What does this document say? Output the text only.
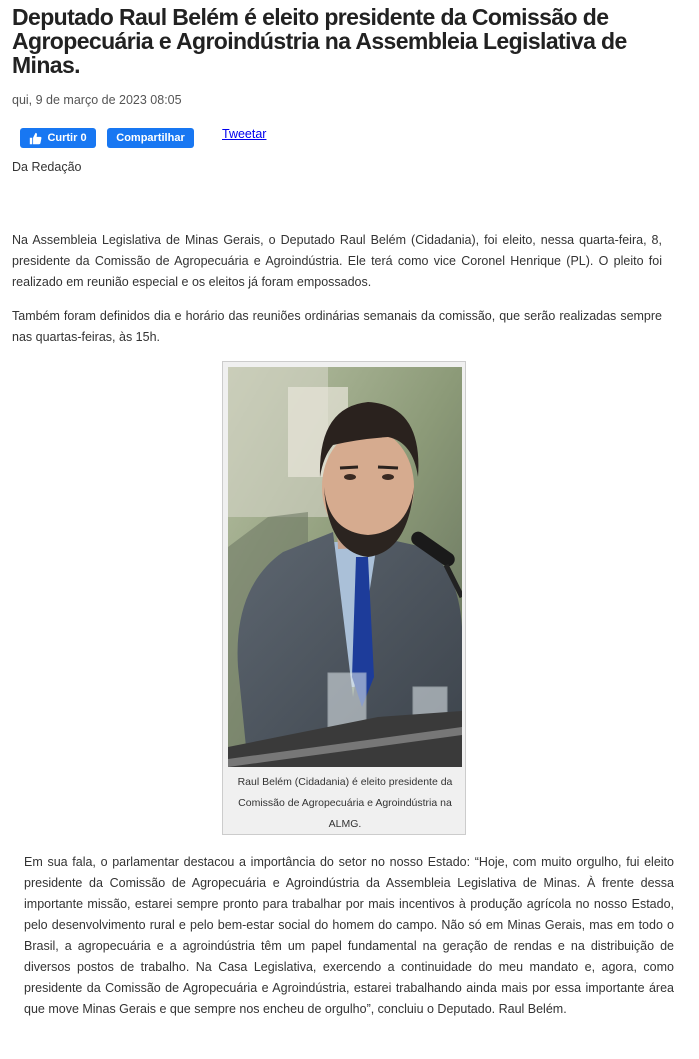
Deputado Raul Belém é eleito presidente da Comissão de Agropecuária e Agroindústria na Assembleia Legislativa de Minas.
qui, 9 de março de 2023 08:05
Curtir 0	Compartilhar	Tweetar
Da Redação

Na Assembleia Legislativa de Minas Gerais, o Deputado Raul Belém (Cidadania), foi eleito, nessa quarta-feira, 8, presidente da Comissão de Agropecuária e Agroindústria. Ele terá como vice Coronel Henrique (PL). O pleito foi realizado em reunião especial e os eleitos já foram empossados.

Também foram definidos dia e horário das reuniões ordinárias semanais da comissão, que serão realizadas sempre nas quartas-feiras, às 15h.

Raul Belém (Cidadania) é eleito presidente da Comissão de Agropecuária e Agroindústria na ALMG.

Em sua fala, o parlamentar destacou a importância do setor no nosso Estado: “Hoje, com muito orgulho, fui eleito presidente da Comissão de Agropecuária e Agroindústria da Assembleia Legislativa de Minas. À frente dessa importante missão, estarei sempre pronto para trabalhar por mais incentivos à produção agrícola no nosso Estado, pelo desenvolvimento rural e pelo bem-estar social do homem do campo. Não só em Minas Gerais, mas em todo o Brasil, a agropecuária e a agroindústria têm um papel fundamental na geração de rendas e na distribuição de diversos postos de trabalho. Na Casa Legislativa, exercendo a continuidade do meu mandato e, agora, como presidente da Comissão de Agropecuária e Agroindústria, estarei trabalhando ainda mais por essa importante área que move Minas Gerais e que sempre nos encheu de orgulho”, concluiu o Deputado. Raul Belém.
